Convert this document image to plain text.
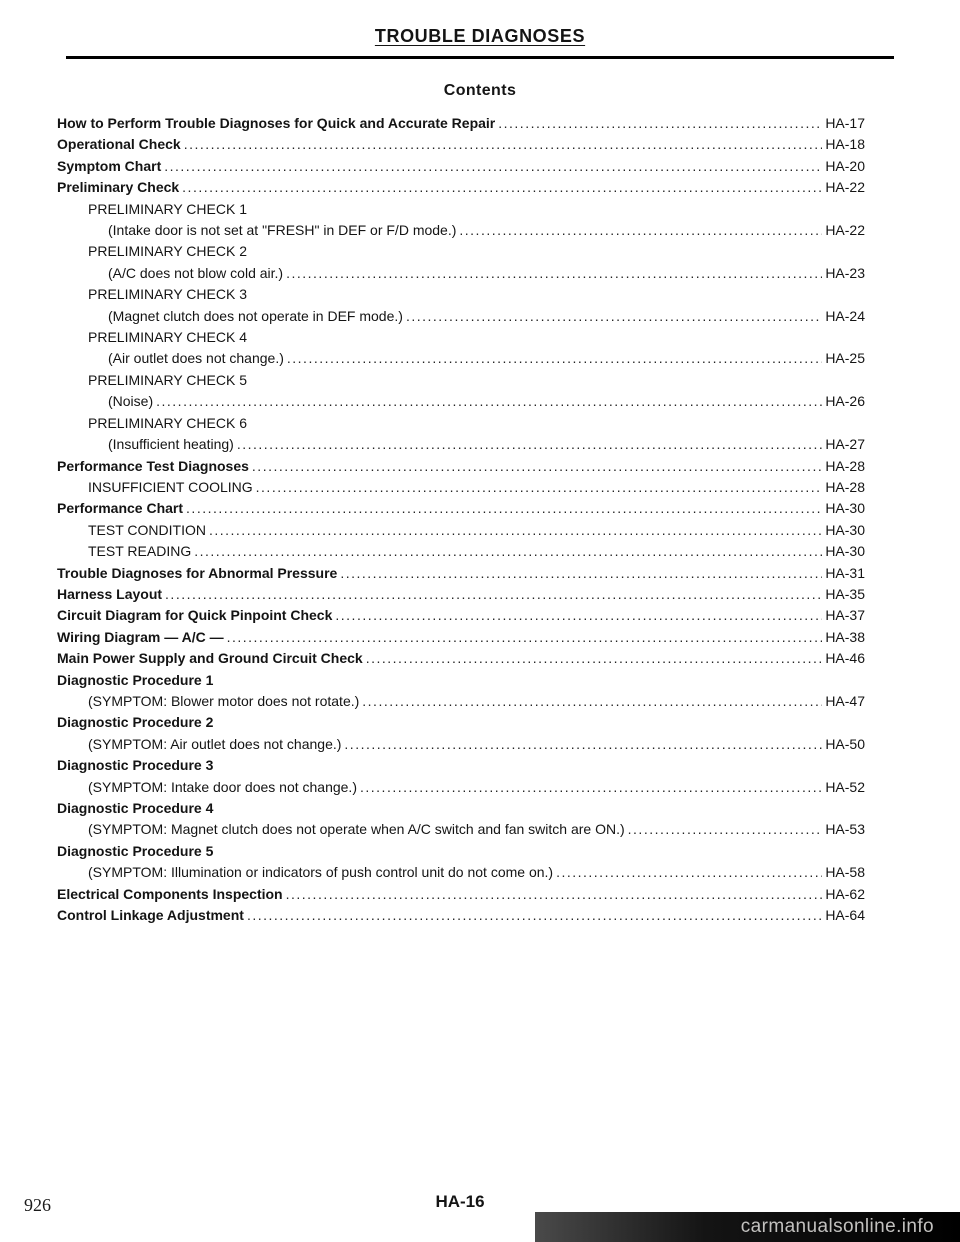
TROUBLE DIAGNOSES
Contents
How to Perform Trouble Diagnoses for Quick and Accurate Repair .....	HA-17
Operational Check .....	HA-18
Symptom Chart .....	HA-20
Preliminary Check .....	HA-22
PRELIMINARY CHECK 1
(Intake door is not set at "FRESH" in DEF or F/D mode.) .....	HA-22
PRELIMINARY CHECK 2
(A/C does not blow cold air.) .....	HA-23
PRELIMINARY CHECK 3
(Magnet clutch does not operate in DEF mode.) .....	HA-24
PRELIMINARY CHECK 4
(Air outlet does not change.) .....	HA-25
PRELIMINARY CHECK 5
(Noise) .....	HA-26
PRELIMINARY CHECK 6
(Insufficient heating) .....	HA-27
Performance Test Diagnoses .....	HA-28
INSUFFICIENT COOLING .....	HA-28
Performance Chart .....	HA-30
TEST CONDITION .....	HA-30
TEST READING .....	HA-30
Trouble Diagnoses for Abnormal Pressure .....	HA-31
Harness Layout .....	HA-35
Circuit Diagram for Quick Pinpoint Check .....	HA-37
Wiring Diagram — A/C — .....	HA-38
Main Power Supply and Ground Circuit Check .....	HA-46
Diagnostic Procedure 1
(SYMPTOM: Blower motor does not rotate.) .....	HA-47
Diagnostic Procedure 2
(SYMPTOM: Air outlet does not change.) .....	HA-50
Diagnostic Procedure 3
(SYMPTOM: Intake door does not change.) .....	HA-52
Diagnostic Procedure 4
(SYMPTOM: Magnet clutch does not operate when A/C switch and fan switch are ON.) .....	HA-53
Diagnostic Procedure 5
(SYMPTOM: Illumination or indicators of push control unit do not come on.) .....	HA-58
Electrical Components Inspection .....	HA-62
Control Linkage Adjustment .....	HA-64
926	HA-16
carmanualsonline.info
